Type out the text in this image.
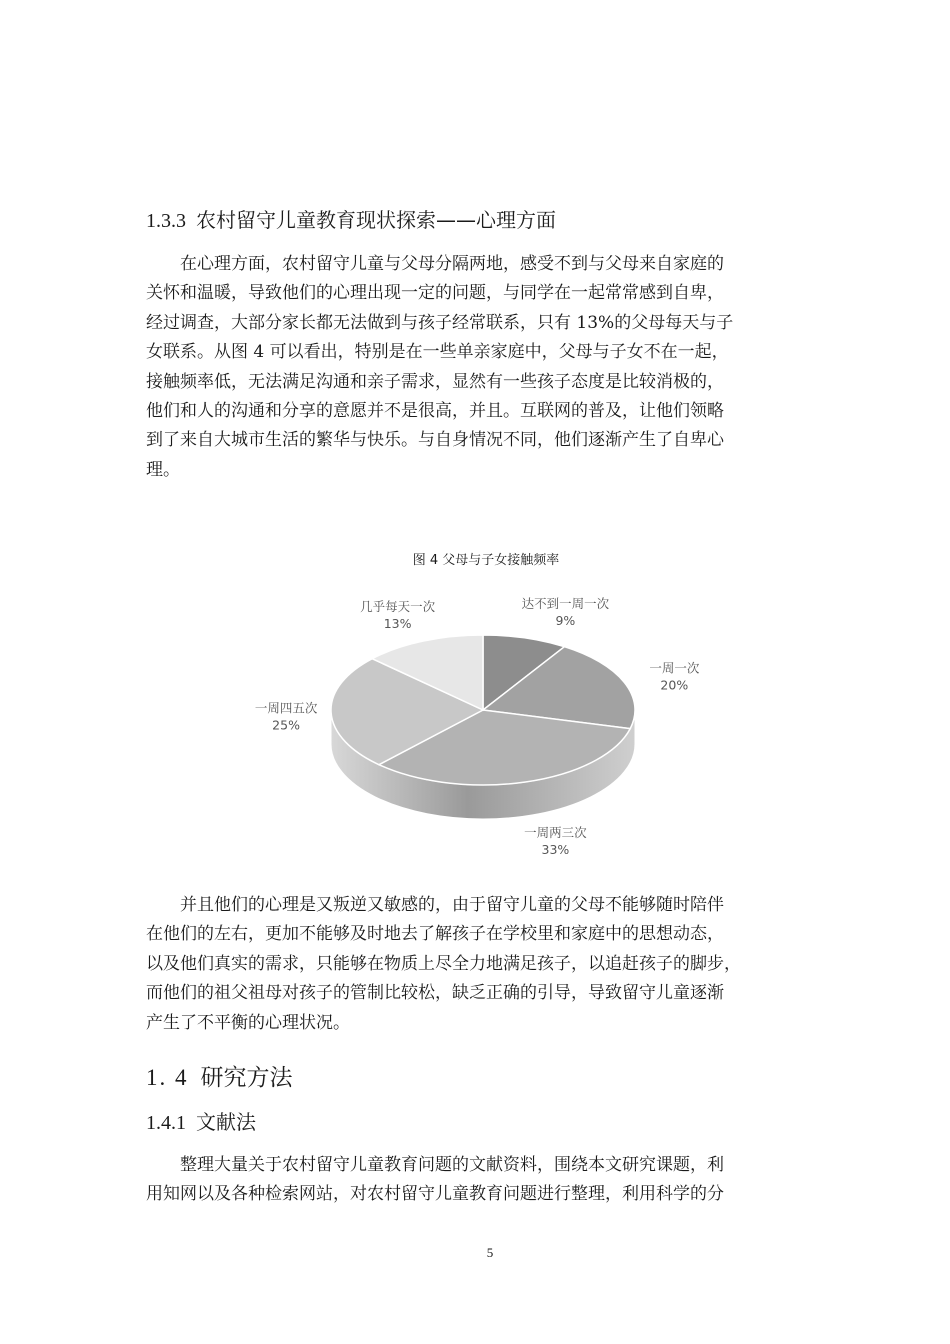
1.3.3 农村留守儿童教育现状探索——心理方面
在心理方面，农村留守儿童与父母分隔两地，感受不到与父母来自家庭的
关怀和温暖，导致他们的心理出现一定的问题，与同学在一起常常感到自卑，
经过调查，大部分家长都无法做到与孩子经常联系，只有 13%的父母每天与子
女联系。从图 4 可以看出，特别是在一些单亲家庭中，父母与子女不在一起，
接触频率低，无法满足沟通和亲子需求，显然有一些孩子态度是比较消极的，
他们和人的沟通和分享的意愿并不是很高，并且。互联网的普及，让他们领略
到了来自大城市生活的繁华与快乐。与自身情况不同，他们逐渐产生了自卑心
理。
图 4 父母与子女接触频率
达不到一周一次
9%
一周一次
20%
一周两三次
33%
一周四五次
25%
几乎每天一次
13%
并且他们的心理是又叛逆又敏感的，由于留守儿童的父母不能够随时陪伴
在他们的左右，更加不能够及时地去了解孩子在学校里和家庭中的思想动态，
以及他们真实的需求，只能够在物质上尽全力地满足孩子，以追赶孩子的脚步，
而他们的祖父祖母对孩子的管制比较松，缺乏正确的引导，导致留守儿童逐渐
产生了不平衡的心理状况。
1. 4 研究方法
1.4.1 文献法
整理大量关于农村留守儿童教育问题的文献资料，围绕本文研究课题，利
用知网以及各种检索网站，对农村留守儿童教育问题进行整理，利用科学的分
5
